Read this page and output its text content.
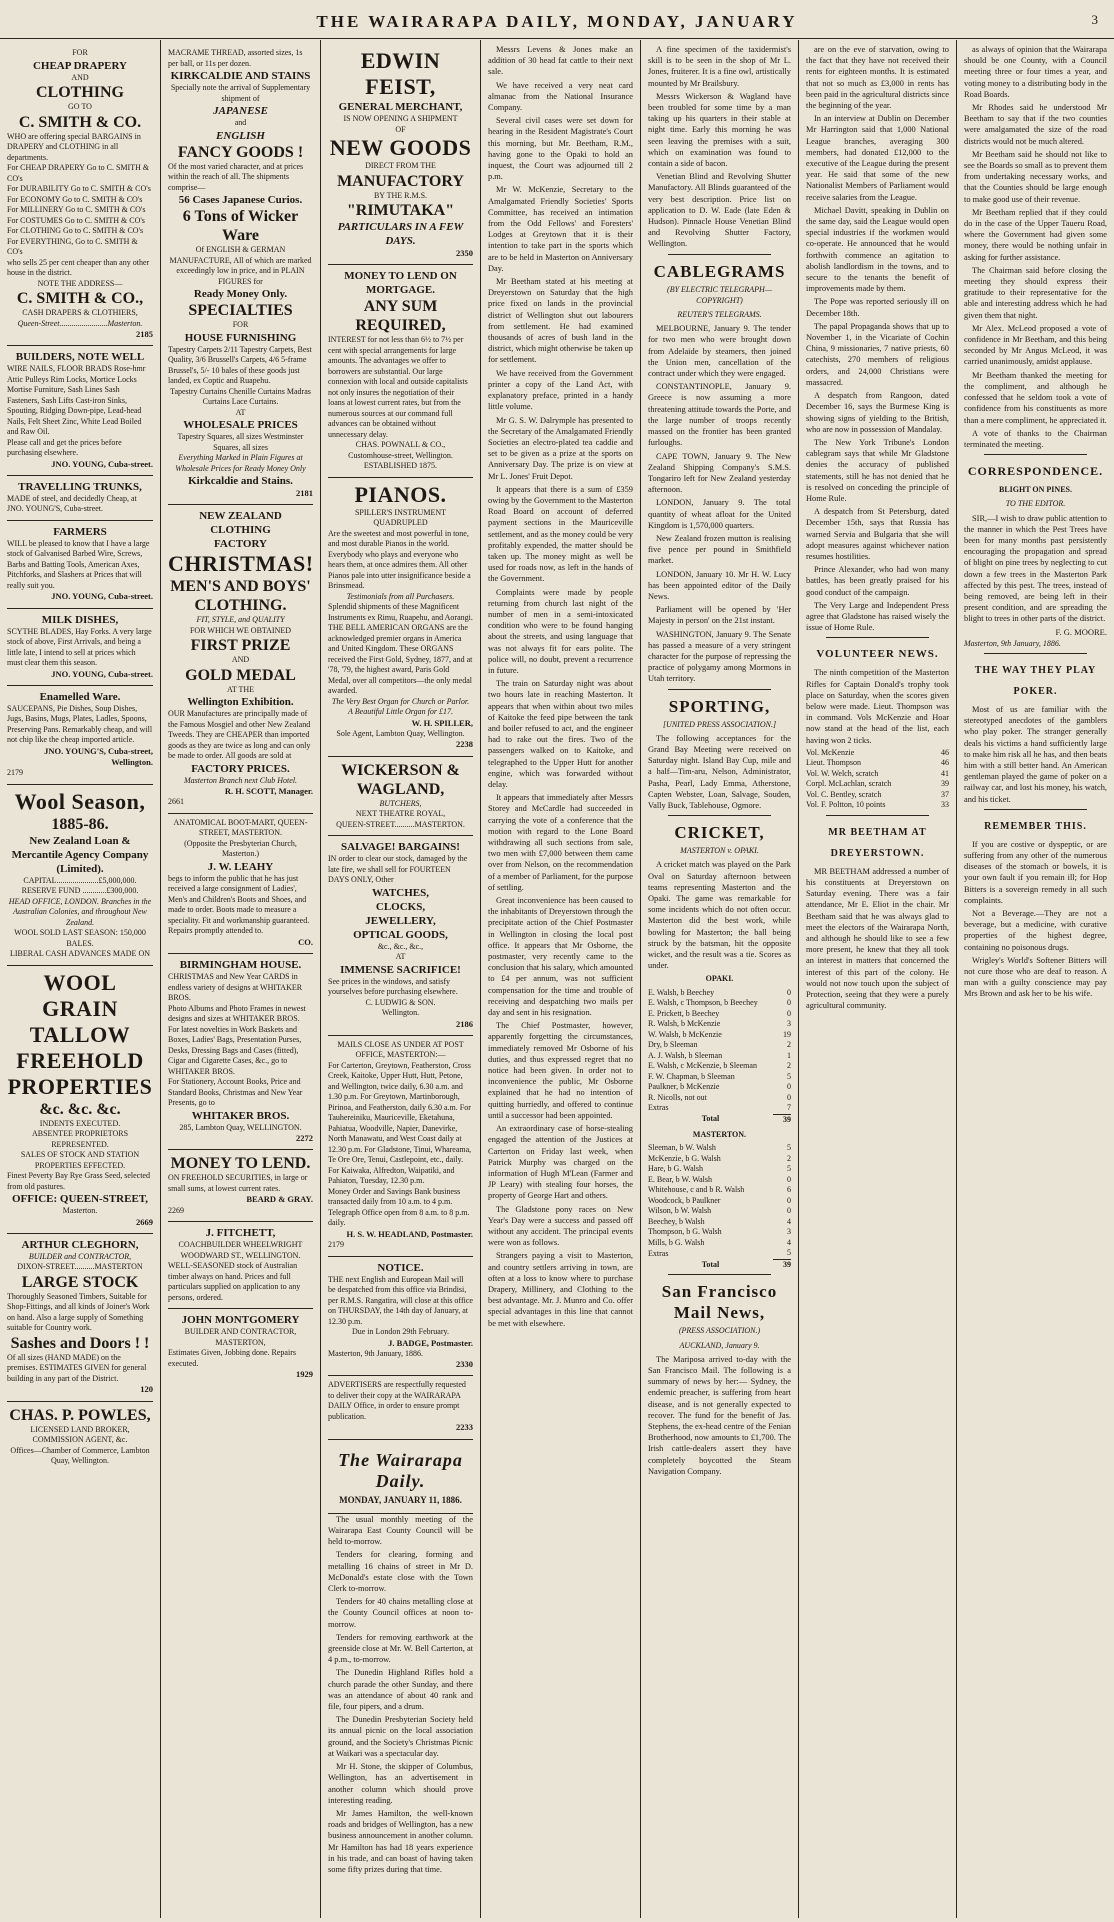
THE WAIRARAPA DAILY, MONDAY, JANUARY	3
FOR
CHEAP DRAPERY
AND
CLOTHING
GO TO
C. SMITH & CO.
WHO are offering special BARGAINS in DRAPERY and CLOTHING in all departments.
For CHEAP DRAPERY Go to C. SMITH & CO's
For DURABILITY Go to C. SMITH & CO's
For ECONOMY Go to C. SMITH & CO's
For MILLINERY Go to C. SMITH & CO's
For COSTUMES Go to C. SMITH & CO's
For CLOTHING Go to C. SMITH & CO's
For EVERYTHING, Go to C. SMITH & CO's
who sells 25 per cent cheaper than any other house in the district.
NOTE THE ADDRESS—
C. SMITH & CO.,
CASH DRAPERS & CLOTHIERS,
Queen-Street........................Masterton.
2185
BUILDERS, NOTE WELL
WIRE NAILS, FLOOR BRADS Rose-hmr Attic Pulleys Rim Locks, Mortice Locks Mortise Furniture, Sash Lines Sash Fasteners, Sash Lifts Cast-iron Sinks, Spouting, Ridging Down-pipe, Lead-head Nails, Felt Sheet Zinc, White Lead Boiled and Raw Oil.
Please call and get the prices before purchasing elsewhere.
JNO. YOUNG, Cuba-street.
TRAVELLING TRUNKS,
MADE of steel, and decidedly Cheap, at JNO. YOUNG'S, Cuba-street.
FARMERS
WILL be pleased to know that I have a large stock of Galvanised Barbed Wire, Screws, Barbs and Batting Tools, American Axes, Pitchforks, and Slashers at Prices that will really suit you.
JNO. YOUNG, Cuba-street.
MILK DISHES,
SCYTHE BLADES, Hay Forks. A very large stock of above, First Arrivals, and being a little late, I intend to sell at prices which must clear them this season.
JNO. YOUNG, Cuba-street.
Enamelled Ware.
SAUCEPANS, Pie Dishes, Soup Dishes, Jugs, Basins, Mugs, Plates, Ladles, Spoons, Preserving Pans. Remarkably cheap, and will not chip like the cheap imported article.
JNO. YOUNG'S, Cuba-street, Wellington.
2179
Wool Season,
1885-86.
New Zealand Loan & Mercantile Agency Company (Limited).
CAPITAL.....................£5,000,000.
RESERVE FUND ............£300,000.
HEAD OFFICE, LONDON. Branches in the Australian Colonies, and throughout New Zealand.
WOOL SOLD LAST SEASON: 150,000 BALES.
LIBERAL CASH ADVANCES MADE ON
WOOL
GRAIN
TALLOW
FREEHOLD
PROPERTIES
&c. &c. &c.
INDENTS EXECUTED.
ABSENTEE PROPRIETORS REPRESENTED.
SALES OF STOCK AND STATION PROPERTIES EFFECTED.
Finest Peverty Bay Rye Grass Seed, selected from old pastures.
OFFICE: QUEEN-STREET,
Masterton.
2669
ARTHUR CLEGHORN,
BUILDER and CONTRACTOR,
DIXON-STREET..........MASTERTON
LARGE STOCK
Thoroughly Seasoned Timbers, Suitable for Shop-Fittings, and all kinds of Joiner's Work on hand. Also a large supply of Something suitable for Country work.
Sashes and Doors ! !
Of all sizes (HAND MADE) on the premises. ESTIMATES GIVEN for general building in any part of the District.
120
CHAS. P. POWLES,
LICENSED LAND BROKER, COMMISSION AGENT, &c.
Offices—Chamber of Commerce, Lambton Quay, Wellington.
MACRAME THREAD, assorted sizes, 1s per ball, or 11s per dozen.
KIRKCALDIE AND STAINS
Specially note the arrival of Supplementary shipment of
JAPANESE
and
ENGLISH
FANCY GOODS !
Of the most varied character, and at prices within the reach of all. The shipments comprise—
56 Cases Japanese Curios.
6 Tons of Wicker Ware
Of ENGLISH & GERMAN MANUFACTURE, All of which are marked exceedingly low in price, and in PLAIN FIGURES for
Ready Money Only.
SPECIALTIES
FOR
HOUSE FURNISHING
Tapestry Carpets 2/11 Tapestry Carpets, Best Quality, 3/6 Brussell's Carpets, 4/6 5-frame Brussel's, 5/- 10 bales of these goods just landed, ex Coptic and Ruapehu.
Tapestry Curtains Chenille Curtains Madras Curtains Lace Curtains.
AT
WHOLESALE PRICES
Tapestry Squares, all sizes Westminster Squares, all sizes
Everything Marked in Plain Figures at Wholesale Prices for Ready Money Only
Kirkcaldie and Stains.
2181
NEW ZEALAND CLOTHING
FACTORY
CHRISTMAS!
MEN'S AND BOYS'
CLOTHING.
FIT, STYLE, and QUALITY
FOR WHICH WE OBTAINED
FIRST PRIZE
AND
GOLD MEDAL
AT THE
Wellington Exhibition.
OUR Manufactures are principally made of the Famous Mosgiel and other New Zealand Tweeds. They are CHEAPER than imported goods as they are twice as long and can only be made to order. All goods are sold at
FACTORY PRICES.
Masterton Branch next Club Hotel.
R. H. SCOTT, Manager.
2661
ANATOMICAL BOOT-MART, QUEEN-STREET, MASTERTON.
(Opposite the Presbyterian Church, Masterton.)
J. W. LEAHY
begs to inform the public that he has just received a large consignment of Ladies', Men's and Children's Boots and Shoes, and made to order. Boots made to measure a speciality. Fit and workmanship guaranteed. Repairs promptly attended to.
CO.
BIRMINGHAM HOUSE.
CHRISTMAS and New Year CARDS in endless variety of designs at WHITAKER BROS.
Photo Albums and Photo Frames in newest designs and sizes at WHITAKER BROS.
For latest novelties in Work Baskets and Boxes, Ladies' Bags, Presentation Purses, Desks, Dressing Bags and Cases (fitted), Cigar and Cigarette Cases, &c., go to WHITAKER BROS.
For Stationery, Account Books, Price and Standard Books, Christmas and New Year Presents, go to
WHITAKER BROS.
285, Lambton Quay, WELLINGTON.
2272
MONEY TO LEND.
ON FREEHOLD SECURITIES, in large or small sums, at lowest current rates.
BEARD & GRAY.
2269
J. FITCHETT,
COACHBUILDER WHEELWRIGHT
WOODWARD ST., WELLINGTON.
WELL-SEASONED stock of Australian timber always on hand. Prices and full particulars supplied on application to any persons, ordered.
JOHN MONTGOMERY
BUILDER AND CONTRACTOR,
MASTERTON,
Estimates Given, Jobbing done. Repairs executed.
1929
EDWIN FEIST,
GENERAL MERCHANT,
IS NOW OPENING A SHIPMENT
OF
NEW GOODS
DIRECT FROM THE
MANUFACTORY
BY THE R.M.S.
"RIMUTAKA"
PARTICULARS IN A FEW
DAYS.
2350
MONEY TO LEND ON MORTGAGE.
ANY SUM REQUIRED,
INTEREST for not less than 6½ to 7½ per cent with special arrangements for large amounts. The advantages we offer to borrowers are substantial. Our large connexion with local and outside capitalists not only insures the negotiation of their loans at lowest current rates, but from the numerous sources at our command full advances can be obtained without unnecessary delay.
CHAS. POWNALL & CO.,
Customhouse-street, Wellington.
ESTABLISHED 1875.
PIANOS.
SPILLER'S INSTRUMENT QUADRUPLED
Are the sweetest and most powerful in tone, and most durable Pianos in the world. Everybody who plays and everyone who hears them, at once admires them. All other Pianos pale into utter insignificance beside a Brinsmead.
Testimonials from all Purchasers.
Splendid shipments of these Magnificent Instruments ex Rimu, Ruapehu, and Aorangi.
THE BELL AMERICAN ORGANS are the acknowledged premier organs in America and United Kingdom. These ORGANS received the First Gold, Sydney, 1877, and at '78, '79, the highest award, Paris Gold Medal, over all competitors—the only medal awarded.
The Very Best Organ for Church or Parlor.
A Beautiful Little Organ for £17.
W. H. SPILLER,
Sole Agent, Lambton Quay, Wellington.
2238
WICKERSON & WAGLAND,
BUTCHERS,
NEXT THEATRE ROYAL,
QUEEN-STREET..........MASTERTON.
SALVAGE! BARGAINS!
IN order to clear our stock, damaged by the late fire, we shall sell for FOURTEEN DAYS ONLY, Other
WATCHES,
CLOCKS,
JEWELLERY,
OPTICAL GOODS,
&c., &c., &c.,
AT
IMMENSE SACRIFICE!
See prices in the windows, and satisfy yourselves before purchasing elsewhere.
C. LUDWIG & SON.
Wellington.
2186
MAILS CLOSE AS UNDER AT POST OFFICE, MASTERTON:—
For Carterton, Greytown, Featherston, Cross Creek, Kaitoke, Upper Hutt, Hutt, Petone, and Wellington, twice daily, 6.30 a.m. and 1.30 p.m. For Greytown, Martinborough, Pirinoa, and Featherston, daily 6.30 a.m. For Tauhereiniku, Mauriceville, Eketahuna, Pahiatua, Woodville, Napier, Danevirke, North Manawatu, and West Coast daily at 12.30 p.m. For Gladstone, Tinui, Whareama, Te Ore Ore, Tenui, Castlepoint, etc., daily. For Kaiwaka, Alfredton, Waipatiki, and Pahiaton, Tuesday, 12.30 p.m.
Money Order and Savings Bank business transacted daily from 10 a.m. to 4 p.m. Telegraph Office open from 8 a.m. to 8 p.m. daily.
H. S. W. HEADLAND, Postmaster.
2179
NOTICE.
THE next English and European Mail will be despatched from this office via Brindisi, per R.M.S. Rangatira, will close at this office on THURSDAY, the 14th day of January, at 12.30 p.m.
Due in London 29th February.
J. BADGE, Postmaster.
Masterton, 9th January, 1886.
2330
ADVERTISERS are respectfully requested to deliver their copy at the WAIRARAPA DAILY Office, in order to ensure prompt publication.
2233
The Wairarapa Daily.
MONDAY, JANUARY 11, 1886.

The usual monthly meeting of the Wairarapa East County Council will be held to-morrow.

Tenders for clearing, forming and metalling 16 chains of street in Mr D. McDonald's estate close with the Town Clerk to-morrow.

Tenders for 40 chains metalling close at the County Council offices at noon to-morrow.

Tenders for removing earthwork at the greenside close at Mr. W. Bell Carterton, at 4 p.m., to-morrow.

The Dunedin Highland Rifles hold a church parade the other Sunday, and there was an attendance of about 40 rank and file, four pipers, and a drum.

The Dunedin Presbyterian Society held its annual picnic on the local association ground, and the Society's Christmas Picnic at Waikari was a spectacular day.

Mr H. Stone, the skipper of Columbus, Wellington, has an advertisement in another column which should prove interesting reading.

Mr James Hamilton, the well-known roads and bridges of Wellington, has a new business announcement in another column. Mr Hamilton has had 18 years experience in his trade, and can boast of having taken some fifty prizes during that time.

Messrs Levens & Jones make an addition of 30 head fat cattle to their next sale.

We have received a very neat card almanac from the National Insurance Company.

Several civil cases were set down for hearing in the Resident Magistrate's Court this morning, but Mr. Beetham, R.M., having gone to the Opaki to hold an inquest, the Court was adjourned till 2 p.m.

Mr W. McKenzie, Secretary to the Amalgamated Friendly Societies' Sports Committee, has received an intimation from the Odd Fellows' and Foresters' Lodges at Greytown that it is their intention to take part in the sports which are to be held in Masterton on Anniversary Day.

Mr Beetham stated at his meeting at Dreyerstown on Saturday that the high price fixed on lands in the provincial district of Wellington shut out labourers from settlement. He had examined thousands of acres of bush land in the district, which might otherwise be taken up for settlement.

We have received from the Government printer a copy of the Land Act, with explanatory preface, printed in a handy little volume.

Mr G. S. W. Dalrymple has presented to the Secretary of the Amalgamated Friendly Societies an electro-plated tea caddie and set to be given as a prize at the sports on Anniversary Day. The prize is on view at Mr L. Jones' Fruit Depot.

It appears that there is a sum of £359 owing by the Government to the Masterton Road Board on account of deferred payment sections in the Mauriceville settlement, and as the money could be very profitably expended, the matter should be taken up. The money might as well be used for roads now, as left in the hands of the Government.

Complaints were made by people returning from church last night of the number of men in a semi-intoxicated condition who were to be found hanging about the streets, and using language that was not always fit for ears polite. The police will, no doubt, prevent a recurrence in future.

The train on Saturday night was about two hours late in reaching Masterton. It appears that when within about two miles of Kaitoke the feed pipe between the tank and boiler refused to act, and the engineer had to rake out the fires. Two of the passengers walked on to Kaitoke, and telegraphed to the Upper Hutt for another engine, which was forwarded without delay.

It appears that immediately after Messrs Storey and McCardle had succeeded in carrying the vote of a conference that the motion with regard to the Lone Board withdrawing all such sections from sale, two men with £7,000 between them came over from Nelson, on the recommendation of a member of Parliament, for the purpose of settling.

Great inconvenience has been caused to the inhabitants of Dreyerstown through the precipitate action of the Chief Postmaster in Wellington in closing the local post office. It appears that Mr Osborne, the postmaster, very recently came to the conclusion that his salary, which amounted to £4 per annum, was not sufficient compensation for the time and trouble of receiving and despatching two mails per day and sent in his resignation.

The Chief Postmaster, however, apparently forgetting the circumstances, immediately removed Mr Osborne of his duties, and thus expressed regret that no notice had been given. In order not to inconvenience the public, Mr Osborne explained that he had no intention of quitting hurriedly, and offered to continue until a successor had been appointed.

An extraordinary case of horse-stealing engaged the attention of the Justices at Carterton on Friday last week, when Patrick Murphy was charged on the information of Hugh M'Lean (Farmer and JP Leary) with stealing four horses, the property of George Hart and others.

The Gladstone pony races on New Year's Day were a success and passed off without any accident. The principal events were won as follows.

Strangers paying a visit to Masterton, and country settlers arriving in town, are often at a loss to know where to purchase Drapery, Millinery, and Clothing to the best advantage. Mr. J. Munro and Co. offer special advantages in this line that cannot be met with elsewhere.

A fine specimen of the taxidermist's skill is to be seen in the shop of Mr L. Jones, fruiterer. It is a fine owl, artistically mounted by Mr Brailsbury.

Messrs Wickerson & Wagland have been troubled for some time by a man taking up his quarters in their stable at night time. Early this morning he was seen leaving the premises with a suit, which on examination was found to contain a side of bacon.

Venetian Blind and Revolving Shutter Manufactory. All Blinds guaranteed of the very best description. Price list on application to D. W. Eade (late Eden & Hudson). Pinnacle House Venetian Blind and Revolving Shutter Factory, Wellington.

CABLEGRAMS
(BY ELECTRIC TELEGRAPH—COPYRIGHT)
REUTER'S TELEGRAMS.

MELBOURNE, January 9. The tender for two men who were brought down from Adelaide by steamers, then joined the Union men, cancellation of the contract under which they were engaged.

CONSTANTINOPLE, January 9. Greece is now assuming a more threatening attitude towards the Porte, and the large number of troops recently massed on the frontier has been granted furloughs.

CAPE TOWN, January 9. The New Zealand Shipping Company's S.M.S. Tongariro left for New Zealand yesterday afternoon.

LONDON, January 9. The total quantity of wheat afloat for the United Kingdom is 1,570,000 quarters.

New Zealand frozen mutton is realising five pence per pound in Smithfield market.

LONDON, January 10. Mr H. W. Lucy has been appointed editor of the Daily News.

Parliament will be opened by 'Her Majesty in person' on the 21st instant.

WASHINGTON, January 9. The Senate has passed a measure of a very stringent character for the purpose of repressing the practice of polygamy among Mormons in Utah territory.

SPORTING,
[UNITED PRESS ASSOCIATION.]

The following acceptances for the Grand Bay Meeting were received on Saturday night. Island Bay Cup, mile and a half—Tim-aru, Nelson, Administrator, Pasha, Pearl, Lady Emma, Atherstone, Capten Webster, Loan, Salvage, Souden, Vally Buck, Tablehouse, Ogmore.

CRICKET,
MASTERTON v. OPAKI.

A cricket match was played on the Park Oval on Saturday afternoon between teams representing Masterton and the Opaki. The game was remarkable for some incidents which do not often occur. Masterton did the best work, while bowling for Masterton; the ball being struck by the batsman, hit the opposite wicket, and the result was a tie. Scores as under.

OPAKI.
E. Walsh, b Beechey	0
E. Walsh, c Thompson, b Beechey	0
E. Prickett, b Beechey	0
R. Walsh, b McKenzie	3
W. Walsh, b McKenzie	19
Dry, b Sleeman	2
A. J. Walsh, b Sleeman	1
E. Walsh, c McKenzie, b Sleeman	2
F. W. Chapman, b Sleeman	5
Paulkner, b McKenzie	0
R. Nicolls, not out	0
Extras	7
Total	39
MASTERTON.
Sleeman, b W. Walsh	5
McKenzie, b G. Walsh	2
Hare, b G. Walsh	5
E. Bear, b W. Walsh	0
Whitehouse, c and b R. Walsh	6
Woodcock, b Paulkner	0
Wilson, b W. Walsh	0
Beechey, b Walsh	4
Thompson, b G. Walsh	3
Mills, b G. Walsh	4
Extras	5
Total	39
San Francisco Mail News,
(PRESS ASSOCIATION.)
AUCKLAND, January 9.

The Mariposa arrived to-day with the San Francisco Mail. The following is a summary of news by her:— Sydney, the endemic preacher, is suffering from heart disease, and is not generally expected to recover. The fund for the benefit of Jas. Stephens, the ex-head centre of the Fenian Brotherhood, now amounts to £1,700. The Irish cattle-dealers assert they have completely boycotted the Steam Navigation Company.

are on the eve of starvation, owing to the fact that they have not received their rents for eighteen months. It is estimated that not so much as £3,000 in rents has been paid in the agricultural districts since the beginning of the year.

In an interview at Dublin on December Mr Harrington said that 1,000 National League branches, averaging 300 members, had donated £12,000 to the executive of the League during the present year. He said that some of the new Nationalist Members of Parliament would receive salaries from the League.

Michael Davitt, speaking in Dublin on the same day, said the League would open special industries if the workmen would co-operate. He announced that he would forthwith commence an agitation to abolish landlordism in the towns, and to secure to the tenants the benefit of improvements made by them.

The Pope was reported seriously ill on December 18th.

The papal Propaganda shows that up to November 1, in the Vicariate of Cochin China, 9 missionaries, 7 native priests, 60 catechists, 270 members of religious orders, and 24,000 Christians were massacred.

A despatch from Rangoon, dated December 16, says the Burmese King is showing signs of yielding to the British, who are now in possession of Mandalay.

The New York Tribune's London cablegram says that while Mr Gladstone denies the accuracy of published statements, still he has not denied that he is resolved on conceding the principle of Home Rule.

A despatch from St Petersburg, dated December 15th, says that Russia has warned Servia and Bulgaria that she will adopt measures against whichever nation resumes hostilities.

Prince Alexander, who had won many battles, has been greatly praised for his good conduct of the campaign.

The Very Large and Independent Press agree that Gladstone has raised wisely the issue of Home Rule.

VOLUNTEER NEWS.

The ninth competition of the Masterton Rifles for Captain Donald's trophy took place on Saturday, when the scores given below were made. Lieut. Thompson was in command. Vols McKenzie and Hoar now stand at the head of the list, each having won 2 ticks.

Vol. McKenzie	46
Lieut. Thompson	46
Vol. W. Welch, scratch	41
Corpl. McLachlan, scratch	39
Vol. C. Bentley, scratch	37
Vol. F. Poltton, 10 points	33
MR BEETHAM AT DREYERSTOWN.

MR BEETHAM addressed a number of his constituents at Dreyerstown on Saturday evening. There was a fair attendance, Mr E. Eliot in the chair. Mr Beetham said that he was always glad to meet the electors of the Wairarapa North, and although he should like to see a few more present, he knew that they all took an interest in matters that concerned the interest of this part of the colony. He would not now touch upon the subject of Protection, seeing that they were a purely agricultural community.

as always of opinion that the Wairarapa should be one County, with a Council meeting three or four times a year, and voting money to a distributing body in the Road Boards.

Mr Rhodes said he understood Mr Beetham to say that if the two counties were amalgamated the size of the road districts would not be much altered.

Mr Beetham said he should not like to see the Boards so small as to prevent them from undertaking necessary works, and that the Counties should be large enough to make good use of their revenue.

Mr Beetham replied that if they could do in the case of the Upper Taueru Road, where the Government had given some money, there would be nothing unfair in asking for further assistance.

The Chairman said before closing the meeting they should express their gratitude to their representative for the able and interesting address which he had given them that night.

Mr Alex. McLeod proposed a vote of confidence in Mr Beetham, and this being seconded by Mr Angus McLeod, it was carried unanimously, amidst applause.

Mr Beetham thanked the meeting for the compliment, and although he confessed that he seldom took a vote of confidence from his constituents as more than a mere compliment, he appreciated it.

A vote of thanks to the Chairman terminated the meeting.

CORRESPONDENCE.
BLIGHT ON PINES.
TO THE EDITOR.

SIR,—I wish to draw public attention to the manner in which the Pest Trees have been for many months past persistently encouraging the propagation and spread of blight on pine trees by neglecting to cut down a few trees in the Masterton Park affected by this pest. The trees, instead of being removed, are being left in their present condition, and are spreading the blight to trees in other parts of the district.

F. G. MOORE.
Masterton, 9th January, 1886.
THE WAY THEY PLAY POKER.

Most of us are familiar with the stereotyped anecdotes of the gamblers who play poker. The stranger generally deals his victims a hand sufficiently large to make him risk all he has, and then beats him with a still better hand. An American gentleman played the game of poker on a railway car, and lost his money, his watch, and his ticket.

REMEMBER THIS.

If you are costive or dyspeptic, or are suffering from any other of the numerous diseases of the stomach or bowels, it is your own fault if you remain ill; for Hop Bitters is a sovereign remedy in all such complaints.

Not a Beverage.—They are not a beverage, but a medicine, with curative properties of the highest degree, containing no poisonous drugs.

Wrigley's World's Softener Bitters will not cure those who are deaf to reason. A man with a guilty conscience may pay Mrs Brown and ask her to be his wife.
